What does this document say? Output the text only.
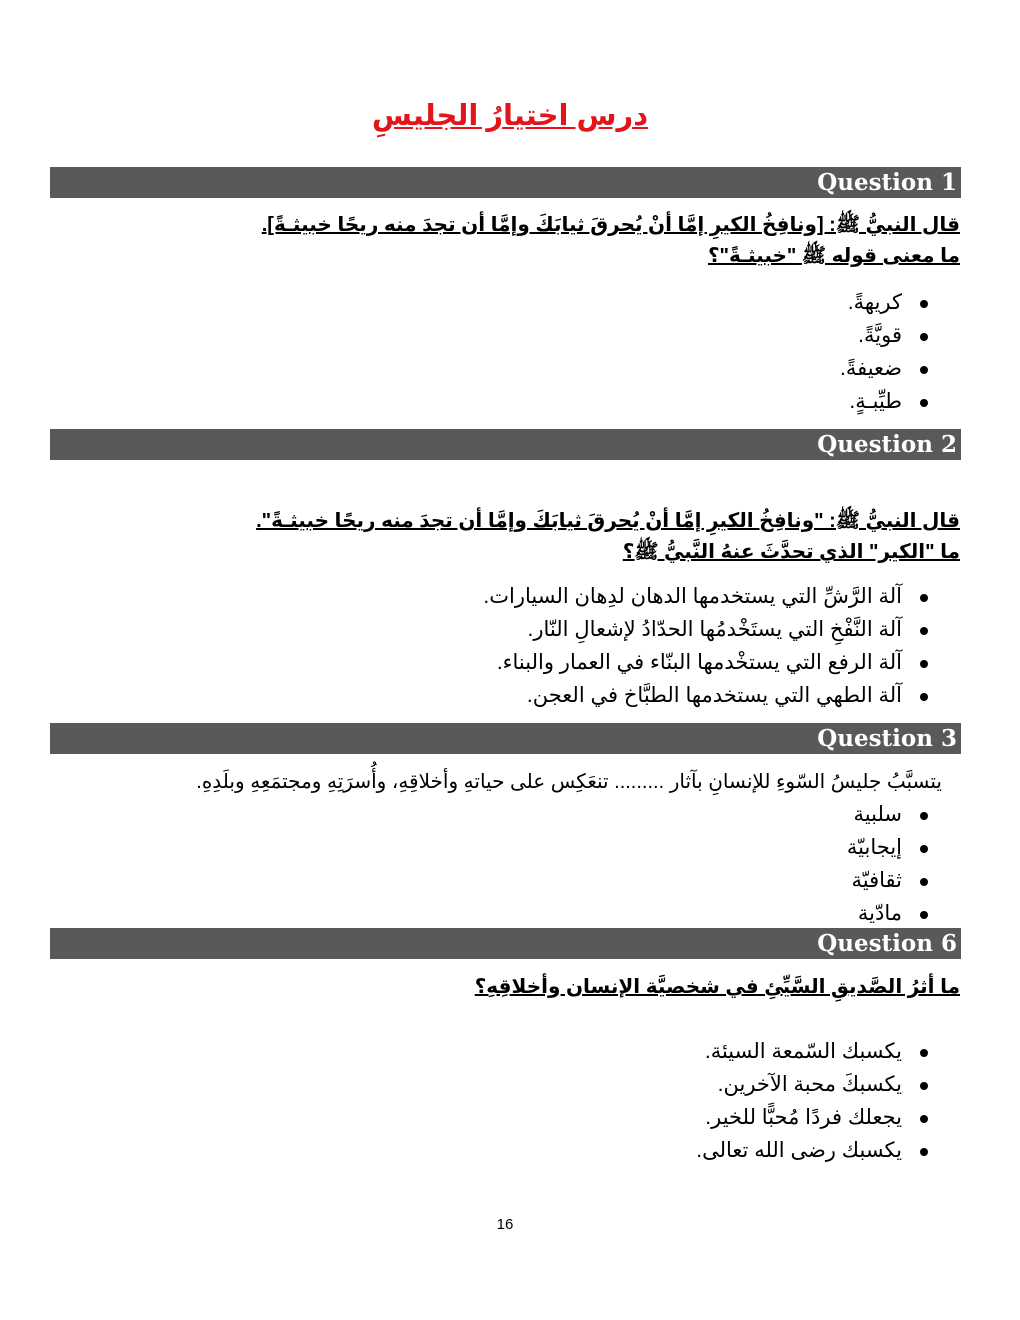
درس اختيارُ الجليسِ
Question 1
قال النبيُّ ﷺ: [ونافِخُ الكيرِ إمَّا أنْ يُحرقَ ثيابَكَ وإمَّا أن تجدَ منه ريحًا خبيثـةً].
ما معنى قوله ﷺ "خبيثـةً"؟
كريهةً.
قويَّةً.
ضعيفةً.
طيِّبـةٍ.
Question 2
قال النبيُّ ﷺ: "ونافِخُ الكيرِ إمَّا أنْ يُحرقَ ثيابَكَ وإمَّا أن تجدَ منه ريحًا خبيثـةً".
ما "الكير" الذي تحدَّثَ عنهُ النَّبيُّ ﷺ؟
آلة الرَّشِّ التي يستخدمها الدهان لدِهان السيارات.
آلة النَّفْخِ التي يستَخْدمُها الحدّادُ لإشعالِ النّار.
آلة الرفع التي يستخْدمها البنّاء في العمار والبناء.
آلة الطهي التي يستخدمها الطبَّاخ في العجن.
Question 3
يتسبَّبُ جليسُ السّوءِ للإنسانِ بآثار ......... تنعَكِس على حياتهِ وأخلاقِهِ، وأُسرَتِهِ ومجتمَعِهِ وبلَدِهِ.
سلبية
إيجابيّة
ثقافيّة
مادّية
Question 6
ما أثرُ الصَّديقِ السَّيِّئِ في شخصيَّة الإنسان وأخلاقِهِ؟
يكسبك السّمعة السيئة.
يكسبكَ محبة الآخرين.
يجعلك فردًا مُحبًّا للخير.
يكسبك رضى الله تعالى.
16
